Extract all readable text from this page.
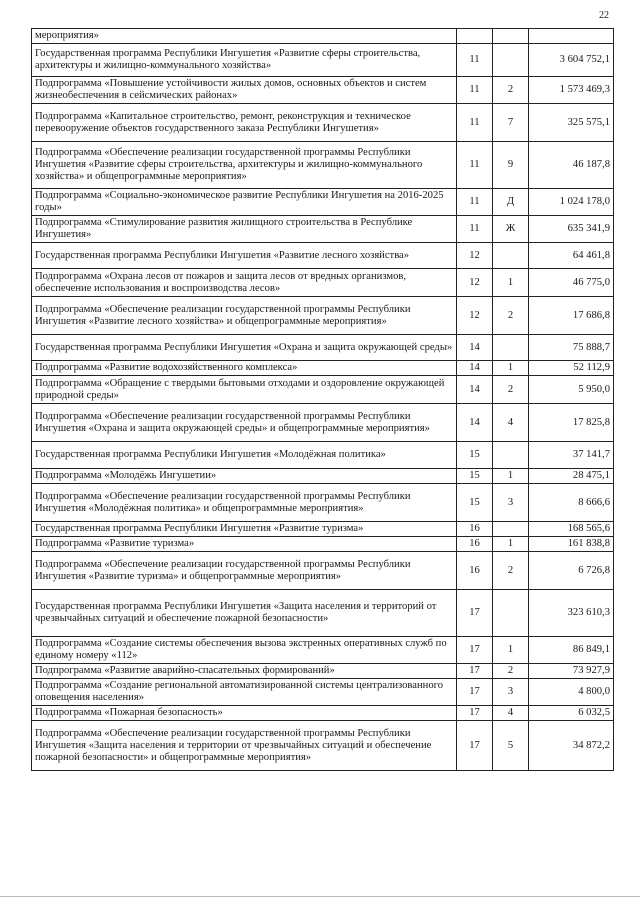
22
мероприятия»			
Государственная программа Республики Ингушетия «Развитие сферы строительства, архитектуры и жилищно-коммунального хозяйства»	11		3 604 752,1
Подпрограмма «Повышение устойчивости жилых домов, основных объектов и систем жизнеобеспечения в сейсмических районах»	11	2	1 573 469,3
Подпрограмма «Капитальное строительство, ремонт, реконструкция и техническое перевооружение объектов государственного заказа Республики Ингушетия»	11	7	325 575,1
Подпрограмма «Обеспечение реализации государственной программы Республики Ингушетия «Развитие сферы строительства, архитектуры и жилищно-коммунального хозяйства» и общепрограммные мероприятия»	11	9	46 187,8
Подпрограмма «Социально-экономическое развитие Республики Ингушетия на 2016-2025 годы»	11	Д	1 024 178,0
Подпрограмма «Стимулирование развития жилищного строительства в Республике Ингушетия»	11	Ж	635 341,9
Государственная программа Республики Ингушетия «Развитие лесного хозяйства»	12		64 461,8
Подпрограмма «Охрана лесов от пожаров и защита лесов от вредных организмов, обеспечение использования и воспроизводства лесов»	12	1	46 775,0
Подпрограмма «Обеспечение реализации государственной программы Республики Ингушетия «Развитие лесного хозяйства» и общепрограммные мероприятия»	12	2	17 686,8
Государственная программа Республики Ингушетия «Охрана и защита окружающей среды»	14		75 888,7
Подпрограмма «Развитие водохозяйственного комплекса»	14	1	52 112,9
Подпрограмма «Обращение с твердыми бытовыми отходами и оздоровление окружающей природной среды»	14	2	5 950,0
Подпрограмма «Обеспечение реализации государственной программы Республики Ингушетия «Охрана и защита окружающей среды» и общепрограммные мероприятия»	14	4	17 825,8
Государственная программа Республики Ингушетия «Молодёжная политика»	15		37 141,7
Подпрограмма «Молодёжь Ингушетии»	15	1	28 475,1
Подпрограмма «Обеспечение реализации государственной программы Республики Ингушетия «Молодёжная политика» и общепрограммные мероприятия»	15	3	8 666,6
Государственная программа Республики Ингушетия «Развитие туризма»	16		168 565,6
Подпрограмма «Развитие туризма»	16	1	161 838,8
Подпрограмма «Обеспечение реализации государственной программы Республики Ингушетия «Развитие туризма» и общепрограммные мероприятия»	16	2	6 726,8
Государственная программа Республики Ингушетия «Защита населения и территорий от чрезвычайных ситуаций и обеспечение пожарной безопасности»	17		323 610,3
Подпрограмма «Создание системы обеспечения вызова экстренных оперативных служб по единому номеру «112»	17	1	86 849,1
Подпрограмма «Развитие аварийно-спасательных формирований»	17	2	73 927,9
Подпрограмма «Создание региональной автоматизированной системы централизованного оповещения населения»	17	3	4 800,0
Подпрограмма «Пожарная безопасность»	17	4	6 032,5
Подпрограмма «Обеспечение реализации государственной программы Республики Ингушетия «Защита населения и территории от чрезвычайных ситуаций и обеспечение пожарной безопасности» и общепрограммные мероприятия»	17	5	34 872,2
